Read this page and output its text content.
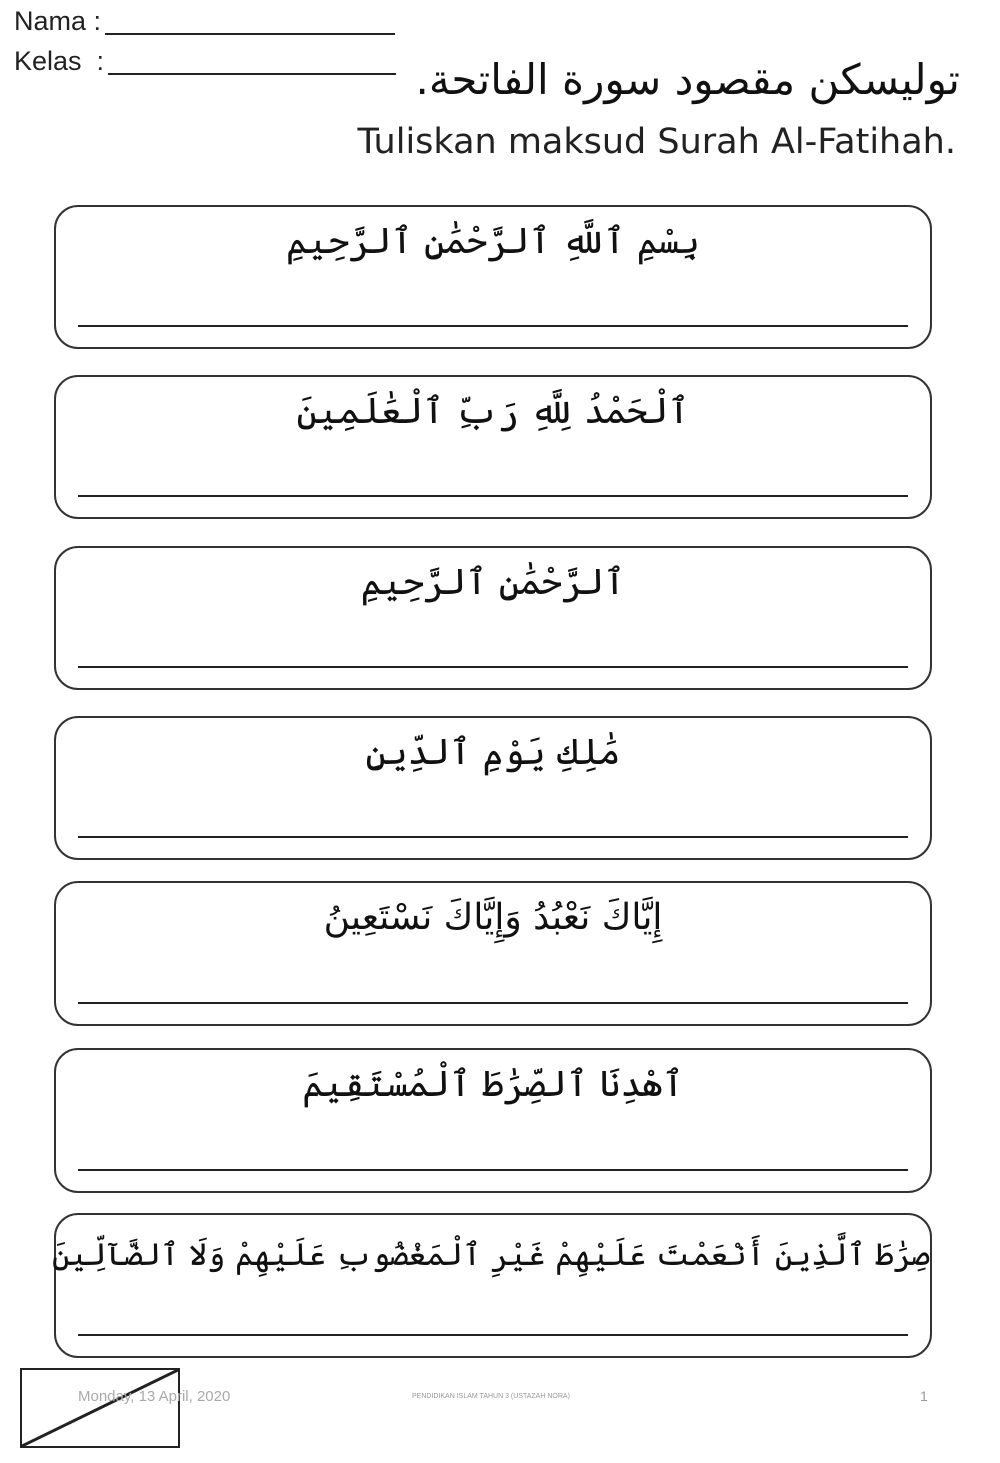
Nama :
Kelas  :	توليسكن مقصود سورة الفاتحة.
Tuliskan maksud Surah Al-Fatihah.
بِسْمِ ٱللَّهِ ٱلرَّحْمَٰنِ ٱلرَّحِيمِ
ٱلْحَمْدُ لِلَّهِ رَبِّ ٱلْعَٰلَمِينَ
ٱلرَّحْمَٰنِ ٱلرَّحِيمِ
مَٰلِكِ يَوْمِ ٱلدِّينِ
إِيَّاكَ نَعْبُدُ وَإِيَّاكَ نَسْتَعِينُ
ٱهْدِنَا ٱلصِّرَٰطَ ٱلْمُسْتَقِيمَ
صِرَٰطَ ٱلَّذِينَ أَنْعَمْتَ عَلَيْهِمْ غَيْرِ ٱلْمَغْضُوبِ عَلَيْهِمْ وَلَا ٱلضَّآلِّينَ
Monday, 13 April, 2020	PENDIDIKAN ISLAM TAHUN 3 (USTAZAH NORA)	1
